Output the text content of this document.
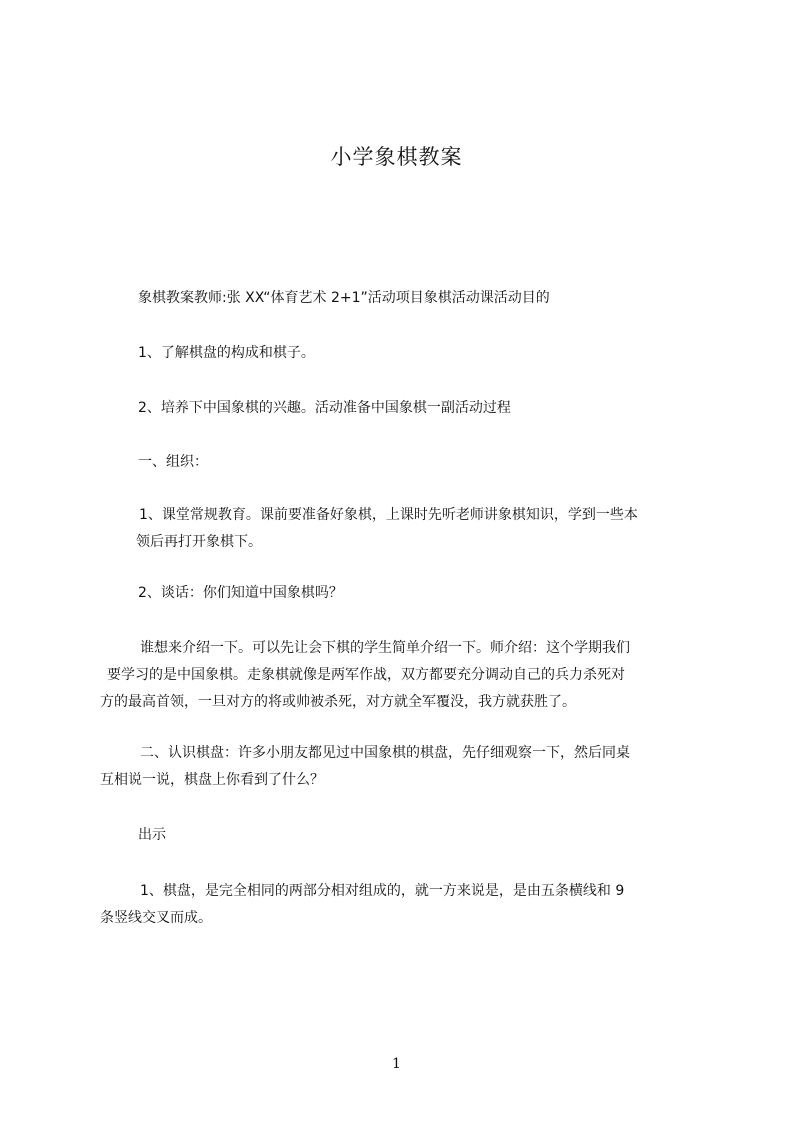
小学象棋教案

象棋教案教师:张 XX“体育艺术 2+1”活动项目象棋活动课活动目的

1、了解棋盘的构成和棋子。

2、培养下中国象棋的兴趣。活动准备中国象棋一副活动过程

一、组织：

1、课堂常规教育。课前要准备好象棋，上课时先听老师讲象棋知识，学到一些本
领后再打开象棋下。

2、谈话：你们知道中国象棋吗？

谁想来介绍一下。可以先让会下棋的学生简单介绍一下。师介绍：这个学期我们
要学习的是中国象棋。走象棋就像是两军作战，双方都要充分调动自己的兵力杀死对
方的最高首领，一旦对方的将或帅被杀死，对方就全军覆没，我方就获胜了。

二、认识棋盘：许多小朋友都见过中国象棋的棋盘，先仔细观察一下，然后同桌
互相说一说，棋盘上你看到了什么？

出示

1、棋盘，是完全相同的两部分相对组成的，就一方来说是，是由五条横线和 9
条竖线交叉而成。

1
